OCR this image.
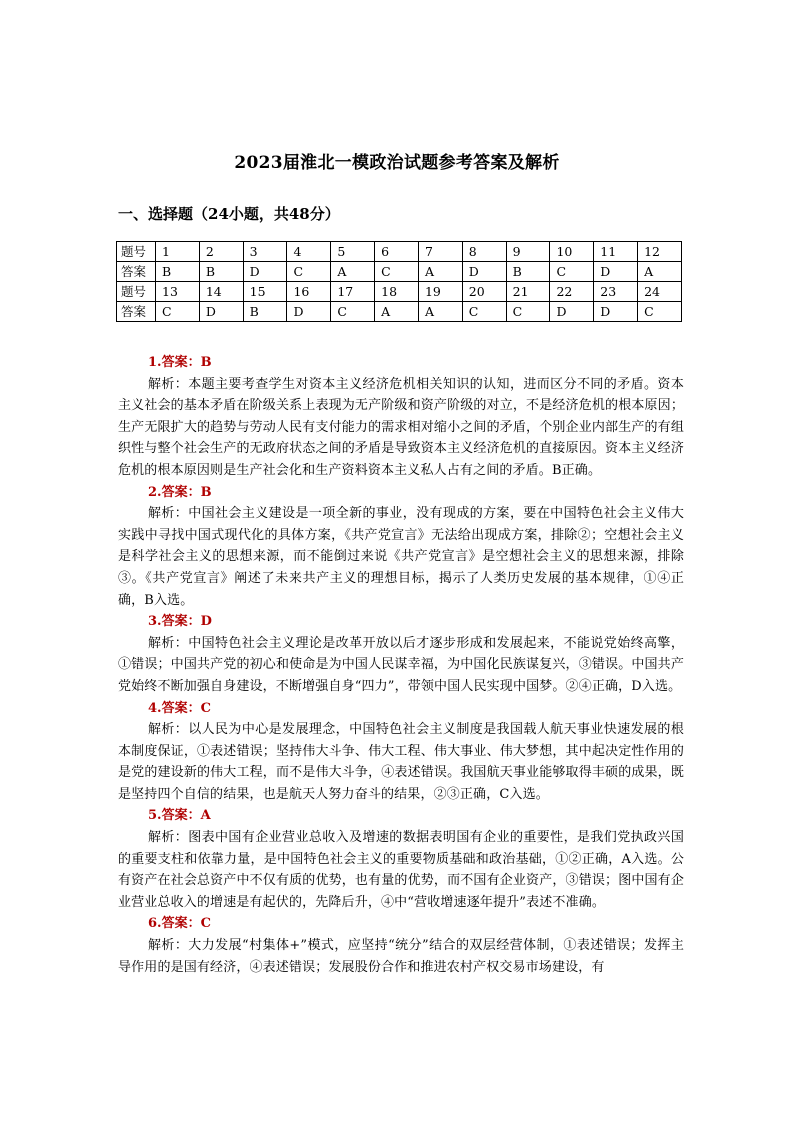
2023届淮北一模政治试题参考答案及解析
一、选择题（24小题，共48分）
题号	1	2	3	4	5	6	7	8	9	10	11	12
答案	B	B	D	C	A	C	A	D	B	C	D	A
题号	13	14	15	16	17	18	19	20	21	22	23	24
答案	C	D	B	D	C	A	A	C	C	D	D	C
1.答案：B
解析：本题主要考查学生对资本主义经济危机相关知识的认知，进而区分不同的矛盾。资本主义社会的基本矛盾在阶级关系上表现为无产阶级和资产阶级的对立，不是经济危机的根本原因；生产无限扩大的趋势与劳动人民有支付能力的需求相对缩小之间的矛盾，个别企业内部生产的有组织性与整个社会生产的无政府状态之间的矛盾是导致资本主义经济危机的直接原因。资本主义经济危机的根本原因则是生产社会化和生产资料资本主义私人占有之间的矛盾。B正确。
2.答案：B
解析：中国社会主义建设是一项全新的事业，没有现成的方案，要在中国特色社会主义伟大实践中寻找中国式现代化的具体方案，《共产党宣言》无法给出现成方案，排除②；空想社会主义是科学社会主义的思想来源，而不能倒过来说《共产党宣言》是空想社会主义的思想来源，排除③。《共产党宣言》阐述了未来共产主义的理想目标，揭示了人类历史发展的基本规律，①④正确，B入选。
3.答案：D
解析：中国特色社会主义理论是改革开放以后才逐步形成和发展起来，不能说党始终高擎，①错误；中国共产党的初心和使命是为中国人民谋幸福，为中国化民族谋复兴，③错误。中国共产党始终不断加强自身建设，不断增强自身“四力”，带领中国人民实现中国梦。②④正确，D入选。
4.答案：C
解析：以人民为中心是发展理念，中国特色社会主义制度是我国载人航天事业快速发展的根本制度保证，①表述错误；坚持伟大斗争、伟大工程、伟大事业、伟大梦想，其中起决定性作用的是党的建设新的伟大工程，而不是伟大斗争，④表述错误。我国航天事业能够取得丰硕的成果，既是坚持四个自信的结果，也是航天人努力奋斗的结果，②③正确，C入选。
5.答案：A
解析：图表中国有企业营业总收入及增速的数据表明国有企业的重要性，是我们党执政兴国的重要支柱和依靠力量，是中国特色社会主义的重要物质基础和政治基础，①②正确，A入选。公有资产在社会总资产中不仅有质的优势，也有量的优势，而不国有企业资产，③错误；图中国有企业营业总收入的增速是有起伏的，先降后升，④中“营收增速逐年提升”表述不准确。
6.答案：C
解析：大力发展“村集体+”模式，应坚持“统分”结合的双层经营体制，①表述错误；发挥主导作用的是国有经济，④表述错误；发展股份合作和推进农村产权交易市场建设，有
